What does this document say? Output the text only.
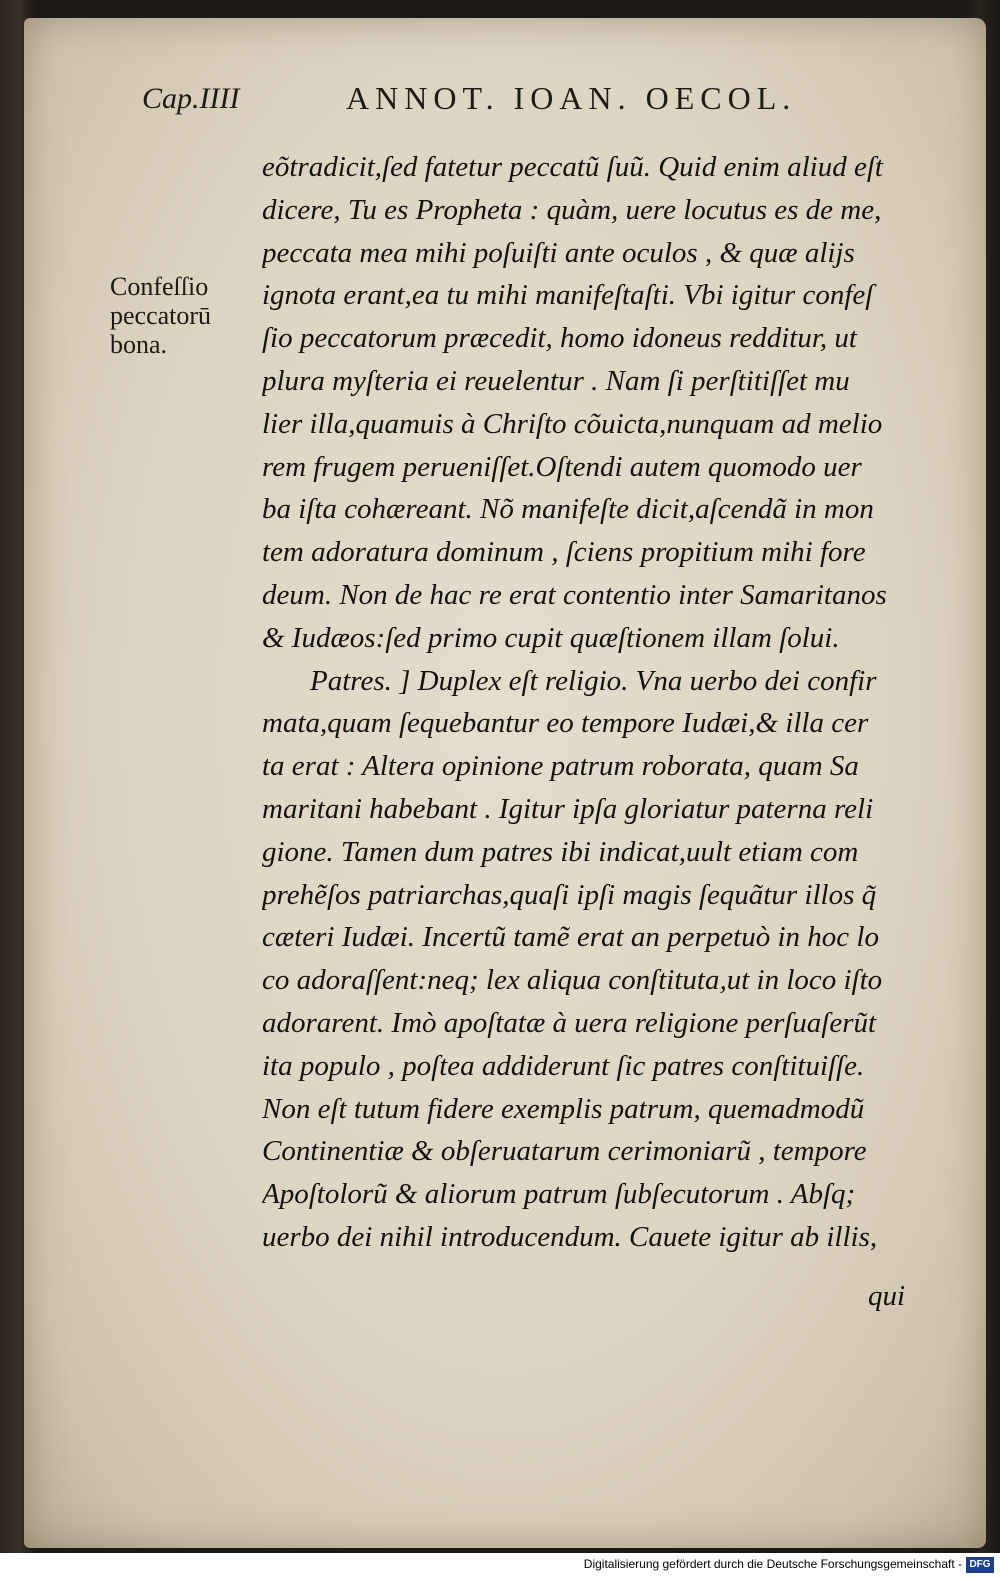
Cap.IIII	ANNOT. IOAN. OECOL.
Confeſſio
peccatorū
bona.
eõtradicit,ſed fatetur peccatũ ſuũ. Quid enim aliud eſt
dicere, Tu es Propheta : quàm, uere locutus es de me,
peccata mea mihi poſuiſti ante oculos , & quæ alijs
ignota erant,ea tu mihi manifeſtaſti. Vbi igitur confeſ
ſio peccatorum præcedit, homo idoneus redditur, ut
plura myſteria ei reuelentur . Nam ſi perſtitiſſet mu
lier illa,quamuis à Chriſto cõuicta,nunquam ad melio
rem frugem perueniſſet.Oſtendi autem quomodo uer
ba iſta cohæreant. Nõ manifeſte dicit,aſcendã in mon
tem adoratura dominum , ſciens propitium mihi fore
deum. Non de hac re erat contentio inter Samaritanos
& Iudæos:ſed primo cupit quæſtionem illam ſolui.
Patres. ] Duplex eſt religio. Vna uerbo dei confir
mata,quam ſequebantur eo tempore Iudæi,& illa cer
ta erat : Altera opinione patrum roborata, quam Sa
maritani habebant . Igitur ipſa gloriatur paterna reli
gione. Tamen dum patres ibi indicat,uult etiam com
prehẽſos patriarchas,quaſi ipſi magis ſequãtur illos q̃
cæteri Iudæi. Incertũ tamẽ erat an perpetuò in hoc lo
co adoraſſent:neq; lex aliqua conſtituta,ut in loco iſto
adorarent. Imò apoſtatæ à uera religione perſuaſerũt
ita populo , poſtea addiderunt ſic patres conſtituiſſe.
Non eſt tutum fidere exemplis patrum, quemadmodũ
Continentiæ & obſeruatarum cerimoniarũ , tempore
Apoſtolorũ & aliorum patrum ſubſecutorum . Abſq;
uerbo dei nihil introducendum. Cauete igitur ab illis,
qui
Digitalisierung gefördert durch die Deutsche Forschungsgemeinschaft - DFG
